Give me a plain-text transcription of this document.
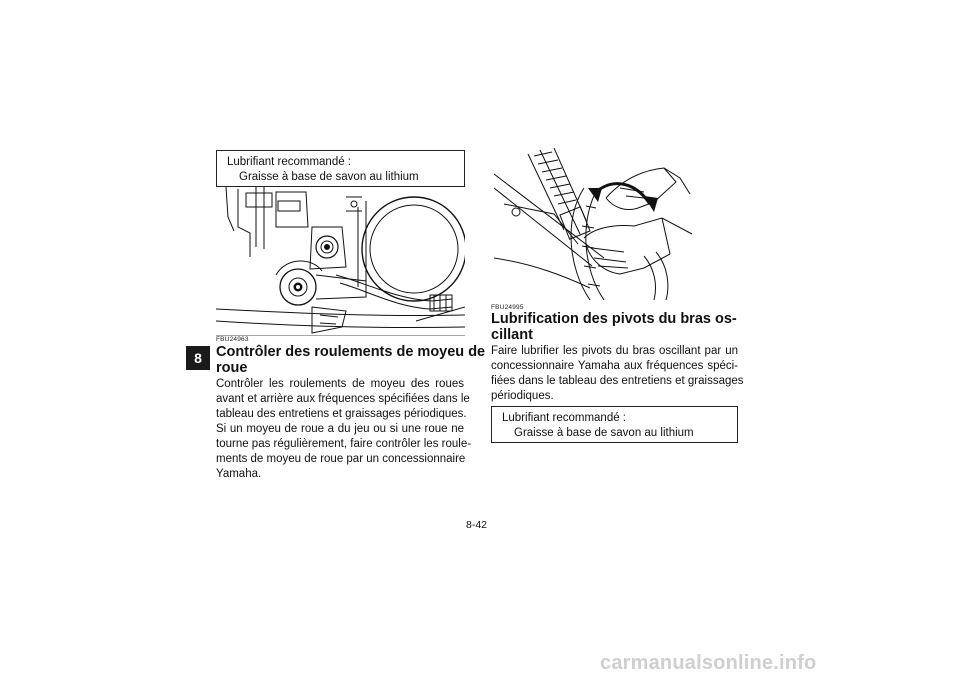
8
Lubrifiant recommandé :
Graisse à base de savon au lithium
FBU24963
Contrôler des roulements de moyeu de
roue
Contrôler les roulements de moyeu des roues
avant et arrière aux fréquences spécifiées dans le
tableau des entretiens et graissages périodiques.
Si un moyeu de roue a du jeu ou si une roue ne
tourne pas régulièrement, faire contrôler les roule-
ments de moyeu de roue par un concessionnaire
Yamaha.
FBU24995
Lubrification des pivots du bras os-
cillant
Faire lubrifier les pivots du bras oscillant par un
concessionnaire Yamaha aux fréquences spéci-
fiées dans le tableau des entretiens et graissages
périodiques.
Lubrifiant recommandé :
Graisse à base de savon au lithium
8-42
carmanualsonline.info
